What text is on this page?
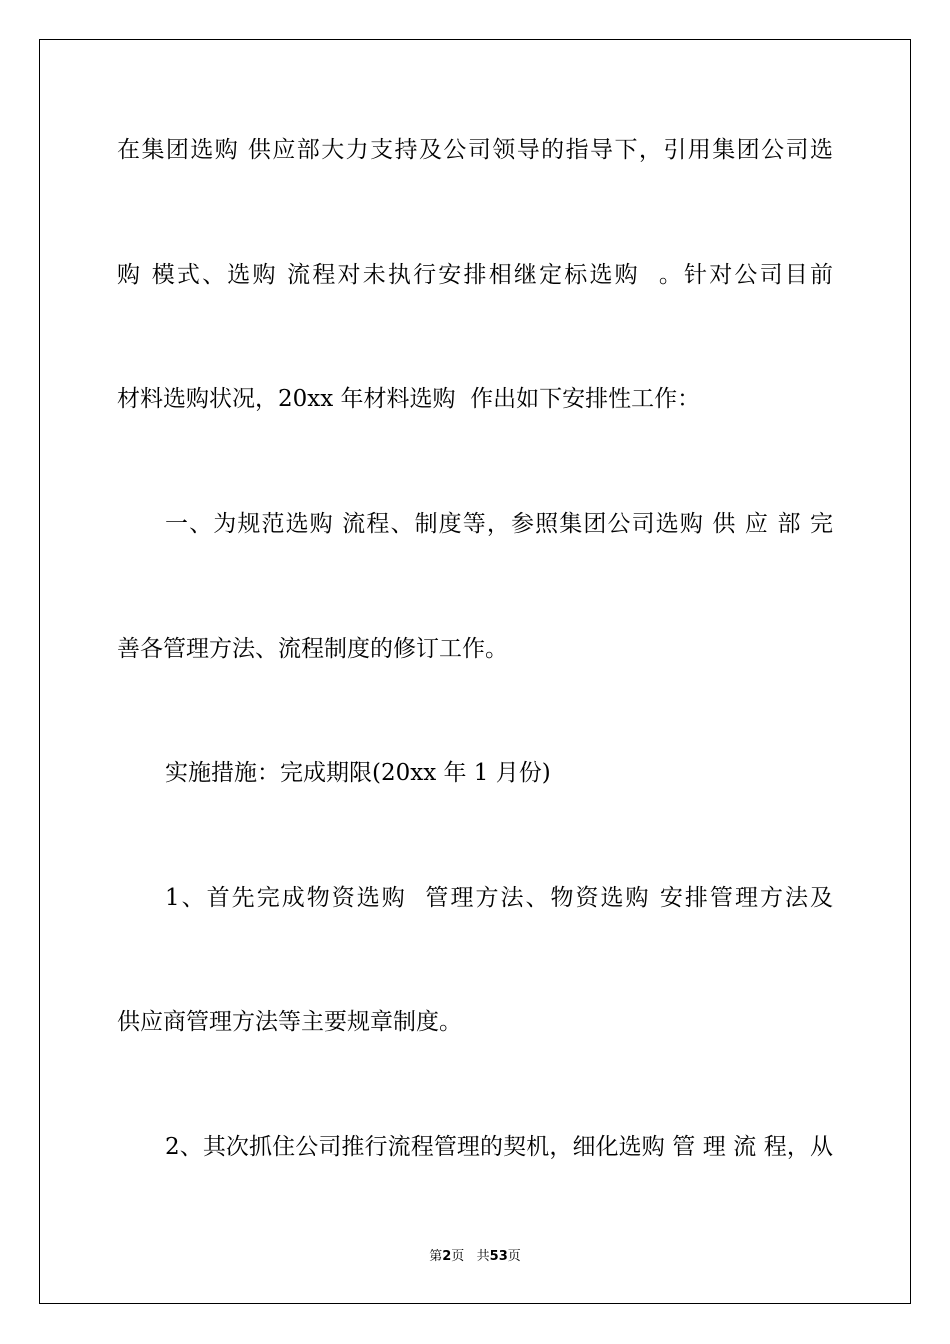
在集团选购 供应部大力支持及公司领导的指导下，引用集团公司选
购 模式、选购 流程对未执行安排相继定标选购  。针对公司目前
材料选购状况，20xx 年材料选购  作出如下安排性工作：
一、为规范选购 流程、制度等，参照集团公司选购 供 应 部 完
善各管理方法、流程制度的修订工作。
实施措施：完成期限(20xx 年 1 月份)
1、首先完成物资选购  管理方法、物资选购 安排管理方法及
供应商管理方法等主要规章制度。
2、其次抓住公司推行流程管理的契机，细化选购 管 理 流 程，从
第2页   共53页
